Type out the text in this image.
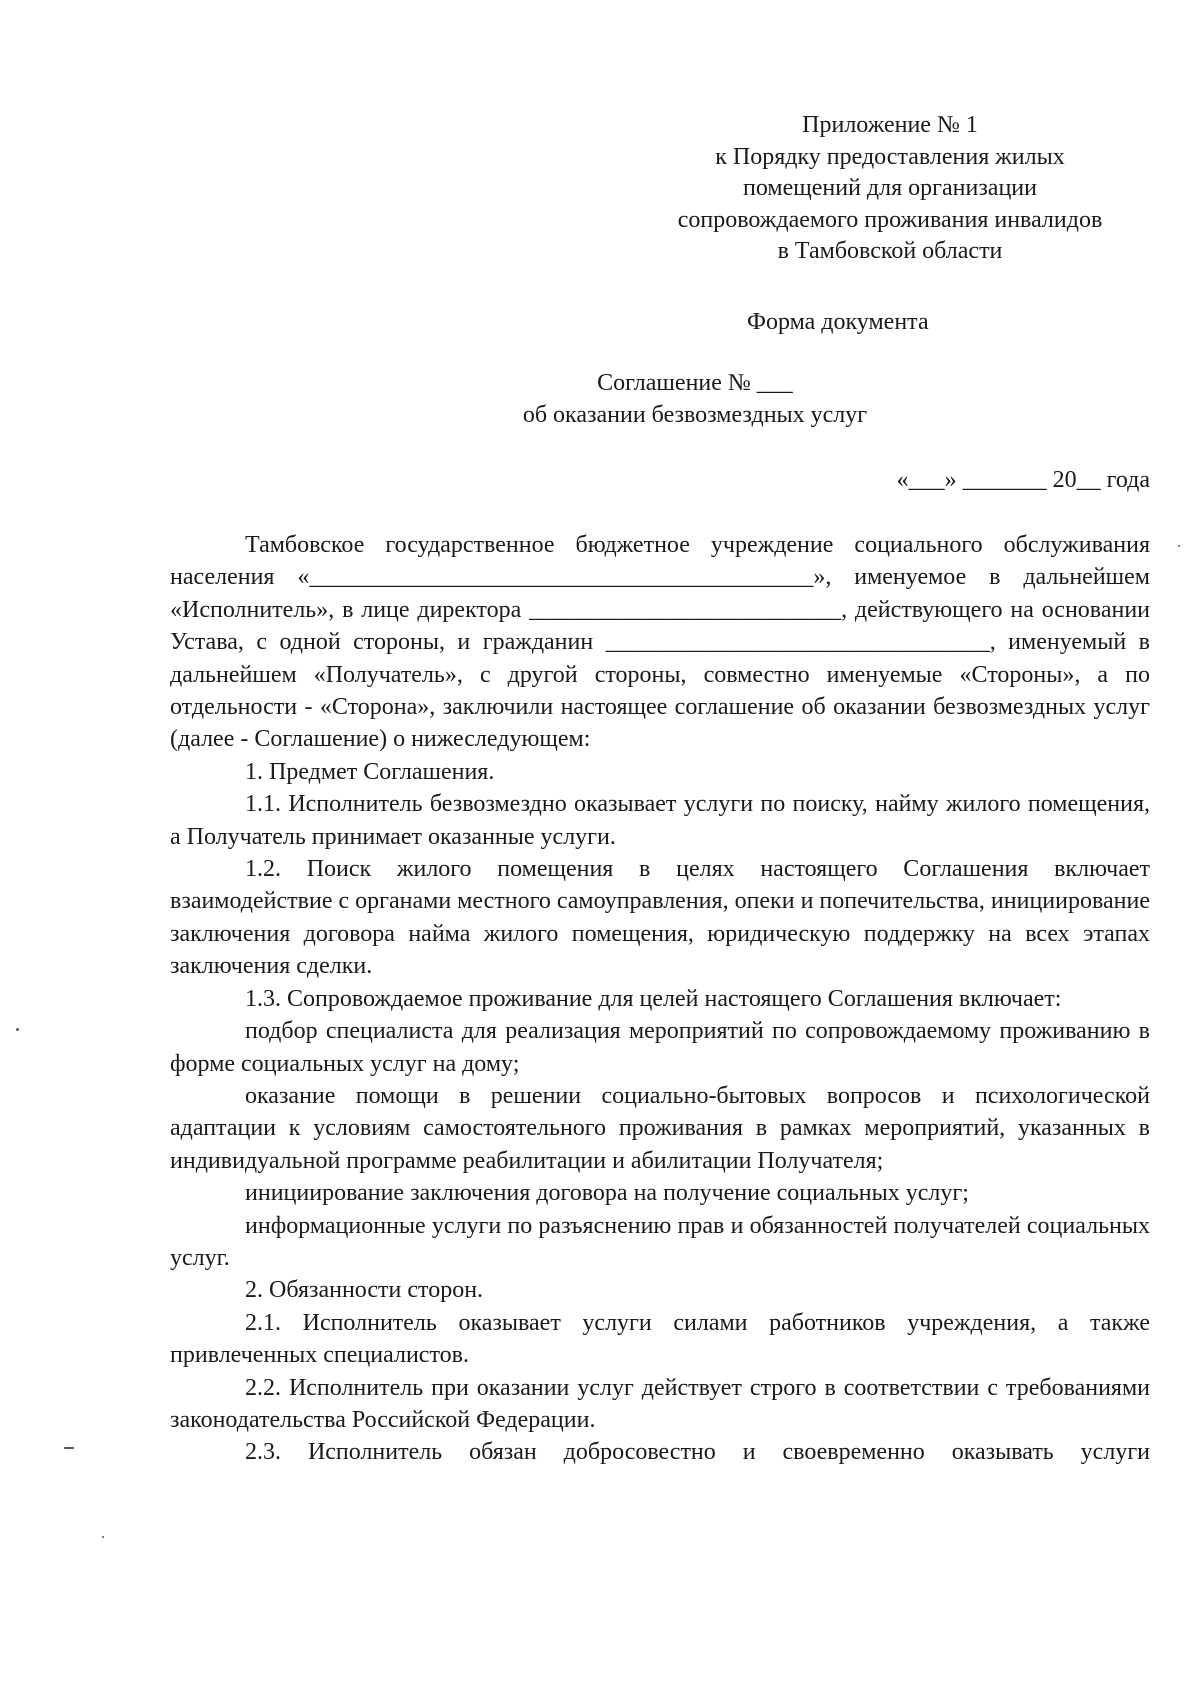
Приложение № 1
к Порядку предоставления жилых
помещений для организации
сопровождаемого проживания инвалидов
в Тамбовской области
Форма документа
Соглашение № ___
об оказании безвозмездных услуг
«___» _______ 20__ года

Тамбовское государственное бюджетное учреждение социального обслуживания населения «__________________________________________», именуемое в дальнейшем «Исполнитель», в лице директора __________________________, действующего на основании Устава, с одной стороны, и гражданин ________________________________, именуемый в дальнейшем «Получатель», с другой стороны, совместно именуемые «Стороны», а по отдельности - «Сторона», заключили настоящее соглашение об оказании безвозмездных услуг (далее - Соглашение) о нижеследующем:

1. Предмет Соглашения.

1.1. Исполнитель безвозмездно оказывает услуги по поиску, найму жилого помещения, а Получатель принимает оказанные услуги.

1.2. Поиск жилого помещения в целях настоящего Соглашения включает взаимодействие с органами местного самоуправления, опеки и попечительства, инициирование заключения договора найма жилого помещения, юридическую поддержку на всех этапах заключения сделки.

1.3. Сопровождаемое проживание для целей настоящего Соглашения включает:

подбор специалиста для реализация мероприятий по сопровождаемому проживанию в форме социальных услуг на дому;

оказание помощи в решении социально-бытовых вопросов и психологической адаптации к условиям самостоятельного проживания в рамках мероприятий, указанных в индивидуальной программе реабилитации и абилитации Получателя;

инициирование заключения договора на получение социальных услуг;

информационные услуги по разъяснению прав и обязанностей получателей социальных услуг.

2. Обязанности сторон.

2.1. Исполнитель оказывает услуги силами работников учреждения, а также привлеченных специалистов.

2.2. Исполнитель при оказании услуг действует строго в соответствии с требованиями законодательства Российской Федерации.

2.3. Исполнитель обязан добросовестно и своевременно оказывать услуги
